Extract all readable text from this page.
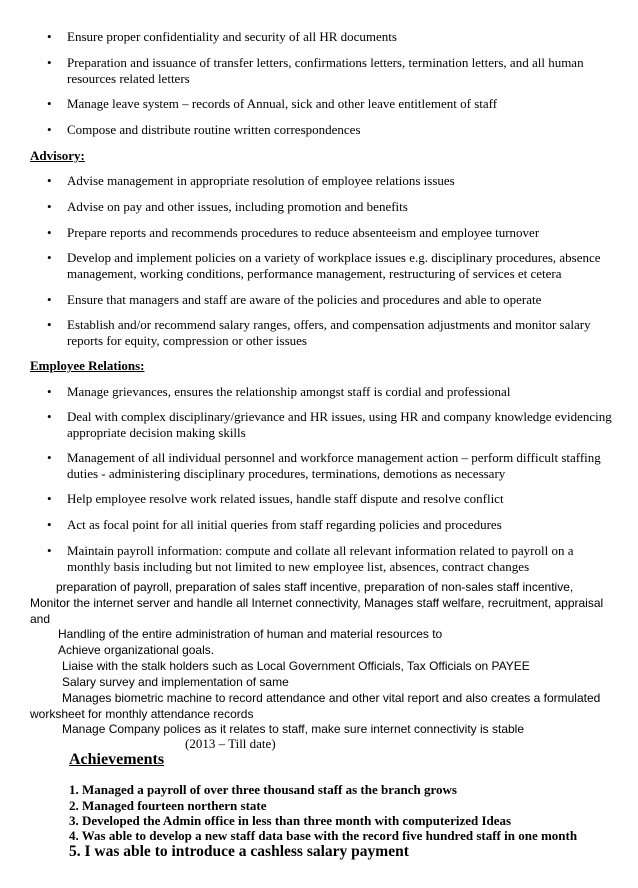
• Ensure proper confidentiality and security of all HR documents
• Preparation and issuance of transfer letters, confirmations letters, termination letters, and all human resources related letters
• Manage leave system – records of Annual, sick and other leave entitlement of staff
• Compose and distribute routine written correspondences
Advisory:
• Advise management in appropriate resolution of employee relations issues
• Advise on pay and other issues, including promotion and benefits
• Prepare reports and recommends procedures to reduce absenteeism and employee turnover
• Develop and implement policies on a variety of workplace issues e.g. disciplinary procedures, absence management, working conditions, performance management, restructuring of services et cetera
• Ensure that managers and staff are aware of the policies and procedures and able to operate
• Establish and/or recommend salary ranges, offers, and compensation adjustments and monitor salary reports for equity, compression or other issues
Employee Relations:
• Manage grievances, ensures the relationship amongst staff is cordial and professional
• Deal with complex disciplinary/grievance and HR issues, using HR and company knowledge evidencing appropriate decision making skills
• Management of all individual personnel and workforce management action – perform difficult staffing duties - administering disciplinary procedures, terminations, demotions as necessary
• Help employee resolve work related issues, handle staff dispute and resolve conflict
• Act as focal point for all initial queries from staff regarding policies and procedures
• Maintain payroll information: compute and collate all relevant information related to payroll on a monthly basis including but not limited to new employee list, absences, contract changes
preparation of payroll, preparation of sales staff incentive, preparation of non-sales staff incentive,
Monitor the internet server and handle all Internet connectivity, Manages staff welfare, recruitment, appraisal
and
Handling of the entire administration of human and material resources to
Achieve organizational goals.
Liaise with the stalk holders such as Local Government Officials, Tax Officials on PAYEE
Salary survey and implementation of same
Manages biometric machine to record attendance and other vital report and also creates a formulated
worksheet for monthly attendance records
Manage Company polices as it relates to staff, make sure internet connectivity is stable
(2013 – Till date)
Achievements
1. Managed a payroll of over three thousand staff as the branch grows
2. Managed fourteen northern state
3. Developed the Admin office in less than three month with computerized Ideas
4. Was able to develop a new staff data base with the record five hundred staff in one month
5. I was able to introduce a cashless salary payment
